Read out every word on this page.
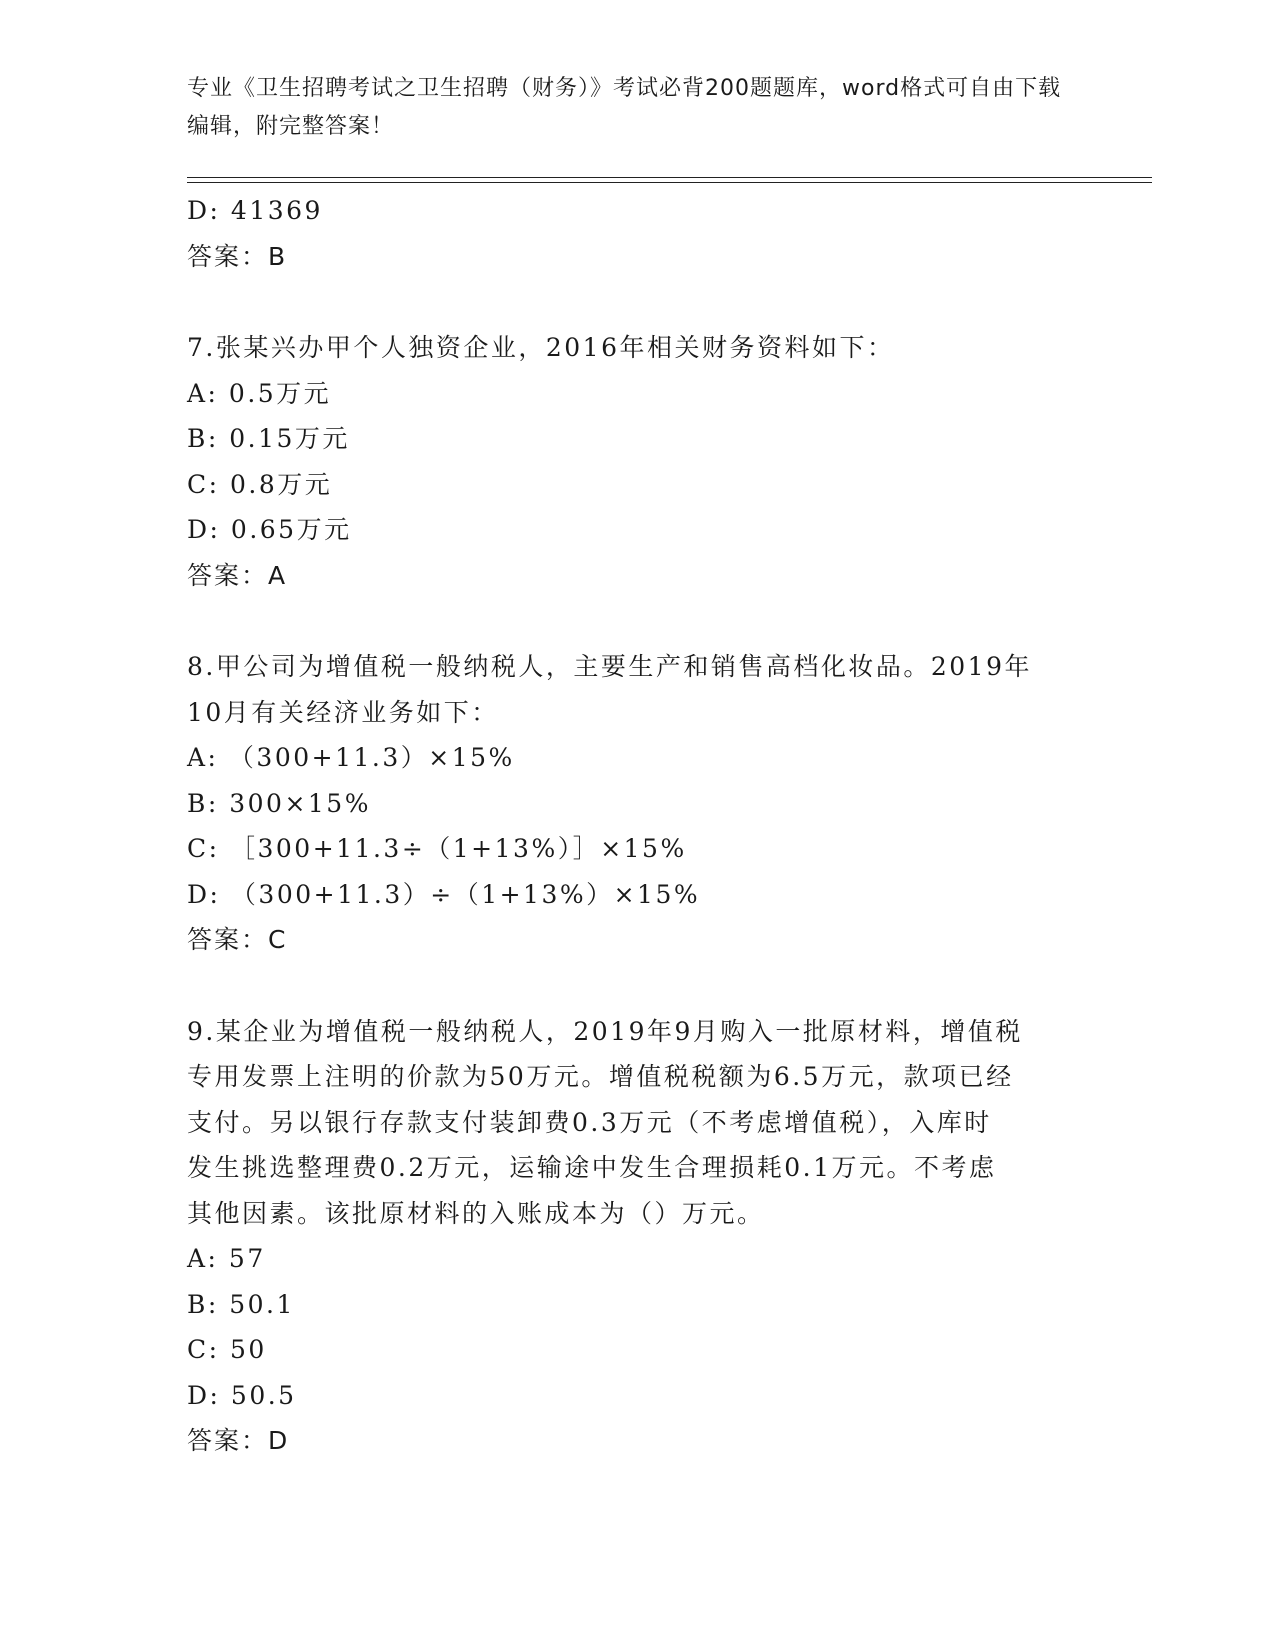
专业《卫生招聘考试之卫生招聘（财务）》考试必背200题题库，word格式可自由下载编辑，附完整答案！
D: 41369
答案：B
7.张某兴办甲个人独资企业，2016年相关财务资料如下：
A: 0.5万元
B: 0.15万元
C: 0.8万元
D: 0.65万元
答案：A
8.甲公司为增值税一般纳税人，主要生产和销售高档化妆品。2019年
10月有关经济业务如下：
A: （300+11.3）×15%
B: 300×15%
C: ［300+11.3÷（1+13%）］×15%
D: （300+11.3）÷（1+13%）×15%
答案：C
9.某企业为增值税一般纳税人，2019年9月购入一批原材料，增值税
专用发票上注明的价款为50万元。增值税税额为6.5万元，款项已经
支付。另以银行存款支付装卸费0.3万元（不考虑增值税），入库时
发生挑选整理费0.2万元，运输途中发生合理损耗0.1万元。不考虑
其他因素。该批原材料的入账成本为（）万元。
A: 57
B: 50.1
C: 50
D: 50.5
答案：D
